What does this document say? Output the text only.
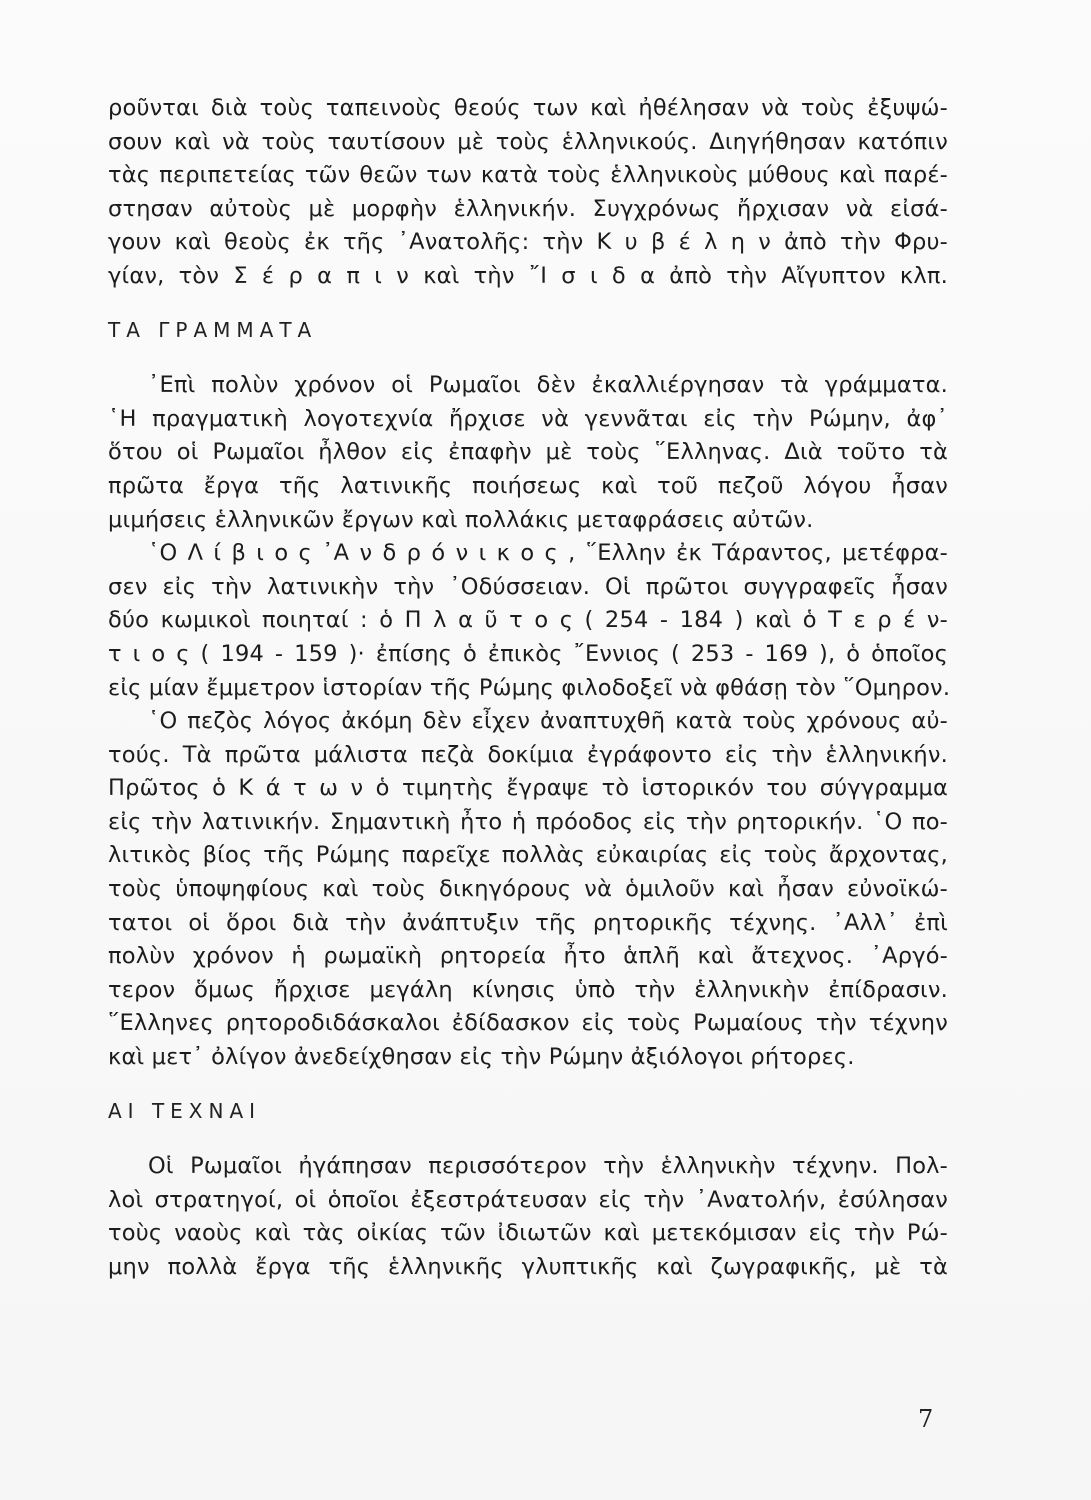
ροῦνται διὰ τοὺς ταπεινοὺς θεούς των καὶ ἠθέλησαν νὰ τοὺς ἐξυψώ-
σουν καὶ νὰ τοὺς ταυτίσουν μὲ τοὺς ἑλληνικούς. Διηγήθησαν κατόπιν
τὰς περιπετείας τῶν θεῶν των κατὰ τοὺς ἑλληνικοὺς μύθους καὶ παρέ-
στησαν αὐτοὺς μὲ μορφὴν ἑλληνικήν. Συγχρόνως ἤρχισαν νὰ εἰσά-
γουν καὶ θεοὺς ἐκ τῆς ᾽Ανατολῆς: τὴν Κ υ β έ λ η ν ἀπὸ τὴν Φρυ-
γίαν, τὸν Σ έ ρ α π ι ν καὶ τὴν ῎Ι σ ι δ α ἀπὸ τὴν Αἴγυπτον κλπ.
ΤΑ ΓΡΑΜΜΑΤΑ
᾽Επὶ πολὺν χρόνον οἱ Ρωμαῖοι δὲν ἐκαλλιέργησαν τὰ γράμματα.
῾Η πραγματικὴ λογοτεχνία ἤρχισε νὰ γεννᾶται εἰς τὴν Ρώμην, ἀφ᾽
ὅτου οἱ Ρωμαῖοι ἦλθον εἰς ἐπαφὴν μὲ τοὺς ῞Ελληνας. Διὰ τοῦτο τὰ
πρῶτα ἔργα τῆς λατινικῆς ποιήσεως καὶ τοῦ πεζοῦ λόγου ἦσαν
μιμήσεις ἑλληνικῶν ἔργων καὶ πολλάκις μεταφράσεις αὐτῶν.
῾Ο Λ ί β ι ο ς ᾽Α ν δ ρ ό ν ι κ ο ς , ῞Ελλην ἐκ Τάραντος, μετέφρα-
σεν εἰς τὴν λατινικὴν τὴν ᾽Οδύσσειαν. Οἱ πρῶτοι συγγραφεῖς ἦσαν
δύο κωμικοὶ ποιηταί : ὁ Π λ α ῦ τ ο ς ( 254 - 184 ) καὶ ὁ Τ ε ρ έ ν-
τ ι ο ς ( 194 - 159 )· ἐπίσης ὁ ἐπικὸς ῎Εννιος ( 253 - 169 ), ὁ ὁποῖος
εἰς μίαν ἔμμετρον ἱστορίαν τῆς Ρώμης φιλοδοξεῖ νὰ φθάσῃ τὸν ῞Ομηρον.
῾Ο πεζὸς λόγος ἀκόμη δὲν εἶχεν ἀναπτυχθῆ κατὰ τοὺς χρόνους αὐ-
τούς. Τὰ πρῶτα μάλιστα πεζὰ δοκίμια ἐγράφοντο εἰς τὴν ἑλληνικήν.
Πρῶτος ὁ Κ ά τ ω ν ὁ τιμητὴς ἔγραψε τὸ ἱστορικόν του σύγγραμμα
εἰς τὴν λατινικήν. Σημαντικὴ ἦτο ἡ πρόοδος εἰς τὴν ρητορικήν. ῾Ο πο-
λιτικὸς βίος τῆς Ρώμης παρεῖχε πολλὰς εὐκαιρίας εἰς τοὺς ἄρχοντας,
τοὺς ὑποψηφίους καὶ τοὺς δικηγόρους νὰ ὁμιλοῦν καὶ ἦσαν εὐνοϊκώ-
τατοι οἱ ὅροι διὰ τὴν ἀνάπτυξιν τῆς ρητορικῆς τέχνης. ᾽Αλλ᾽ ἐπὶ
πολὺν χρόνον ἡ ρωμαϊκὴ ρητορεία ἦτο ἁπλῆ καὶ ἄτεχνος. ᾽Αργό-
τερον ὅμως ἤρχισε μεγάλη κίνησις ὑπὸ τὴν ἑλληνικὴν ἐπίδρασιν.
῞Ελληνες ρητοροδιδάσκαλοι ἐδίδασκον εἰς τοὺς Ρωμαίους τὴν τέχνην
καὶ μετ᾽ ὀλίγον ἀνεδείχθησαν εἰς τὴν Ρώμην ἀξιόλογοι ρήτορες.
ΑΙ ΤΕΧΝΑΙ
Οἱ Ρωμαῖοι ἠγάπησαν περισσότερον τὴν ἑλληνικὴν τέχνην. Πολ-
λοὶ στρατηγοί, οἱ ὁποῖοι ἐξεστράτευσαν εἰς τὴν ᾽Ανατολήν, ἐσύλησαν
τοὺς ναοὺς καὶ τὰς οἰκίας τῶν ἰδιωτῶν καὶ μετεκόμισαν εἰς τὴν Ρώ-
μην πολλὰ ἔργα τῆς ἑλληνικῆς γλυπτικῆς καὶ ζωγραφικῆς, μὲ τὰ
7
